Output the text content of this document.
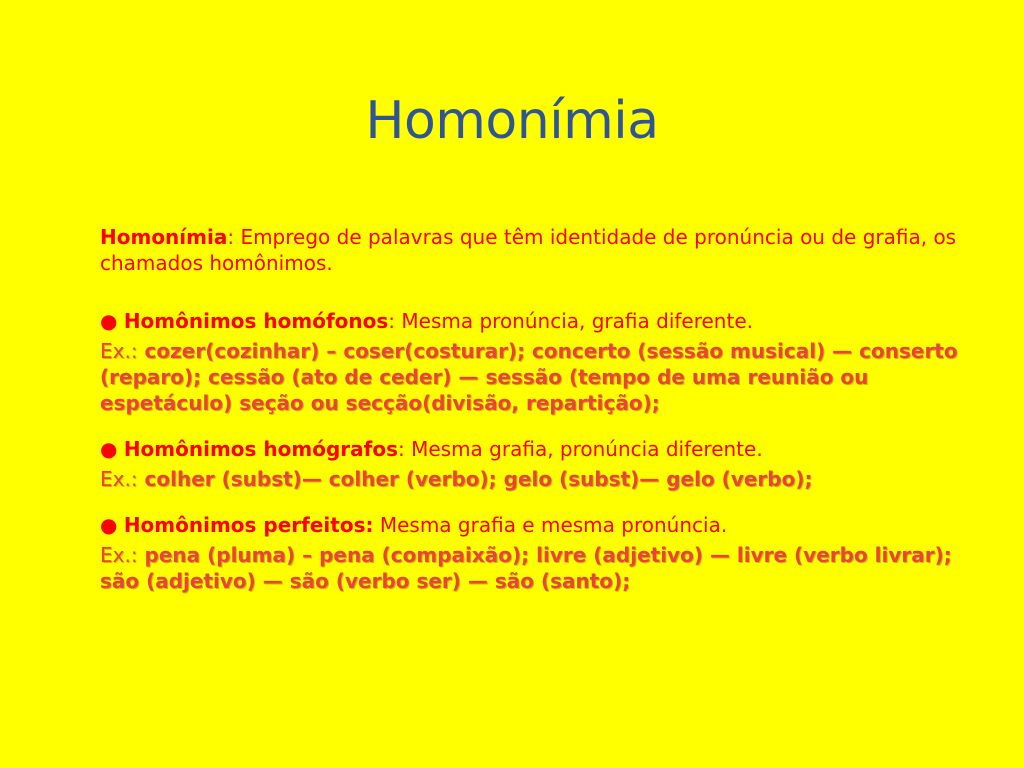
Homonímia

Homonímia: Emprego de palavras que têm identidade de pronúncia ou de grafia, os chamados homônimos.

● Homônimos homófonos: Mesma pronúncia, grafia diferente.

Ex.: cozer(cozinhar) – coser(costurar); concerto (sessão musical) — conserto (reparo); cessão (ato de ceder) — sessão (tempo de uma reunião ou espetáculo) seção ou secção(divisão, repartição);

● Homônimos homógrafos: Mesma grafia, pronúncia diferente.

Ex.: colher (subst)— colher (verbo); gelo (subst)— gelo (verbo);

● Homônimos perfeitos: Mesma grafia e mesma pronúncia.

Ex.: pena (pluma) – pena (compaixão); livre (adjetivo) — livre (verbo livrar); são (adjetivo) — são (verbo ser) — são (santo);
